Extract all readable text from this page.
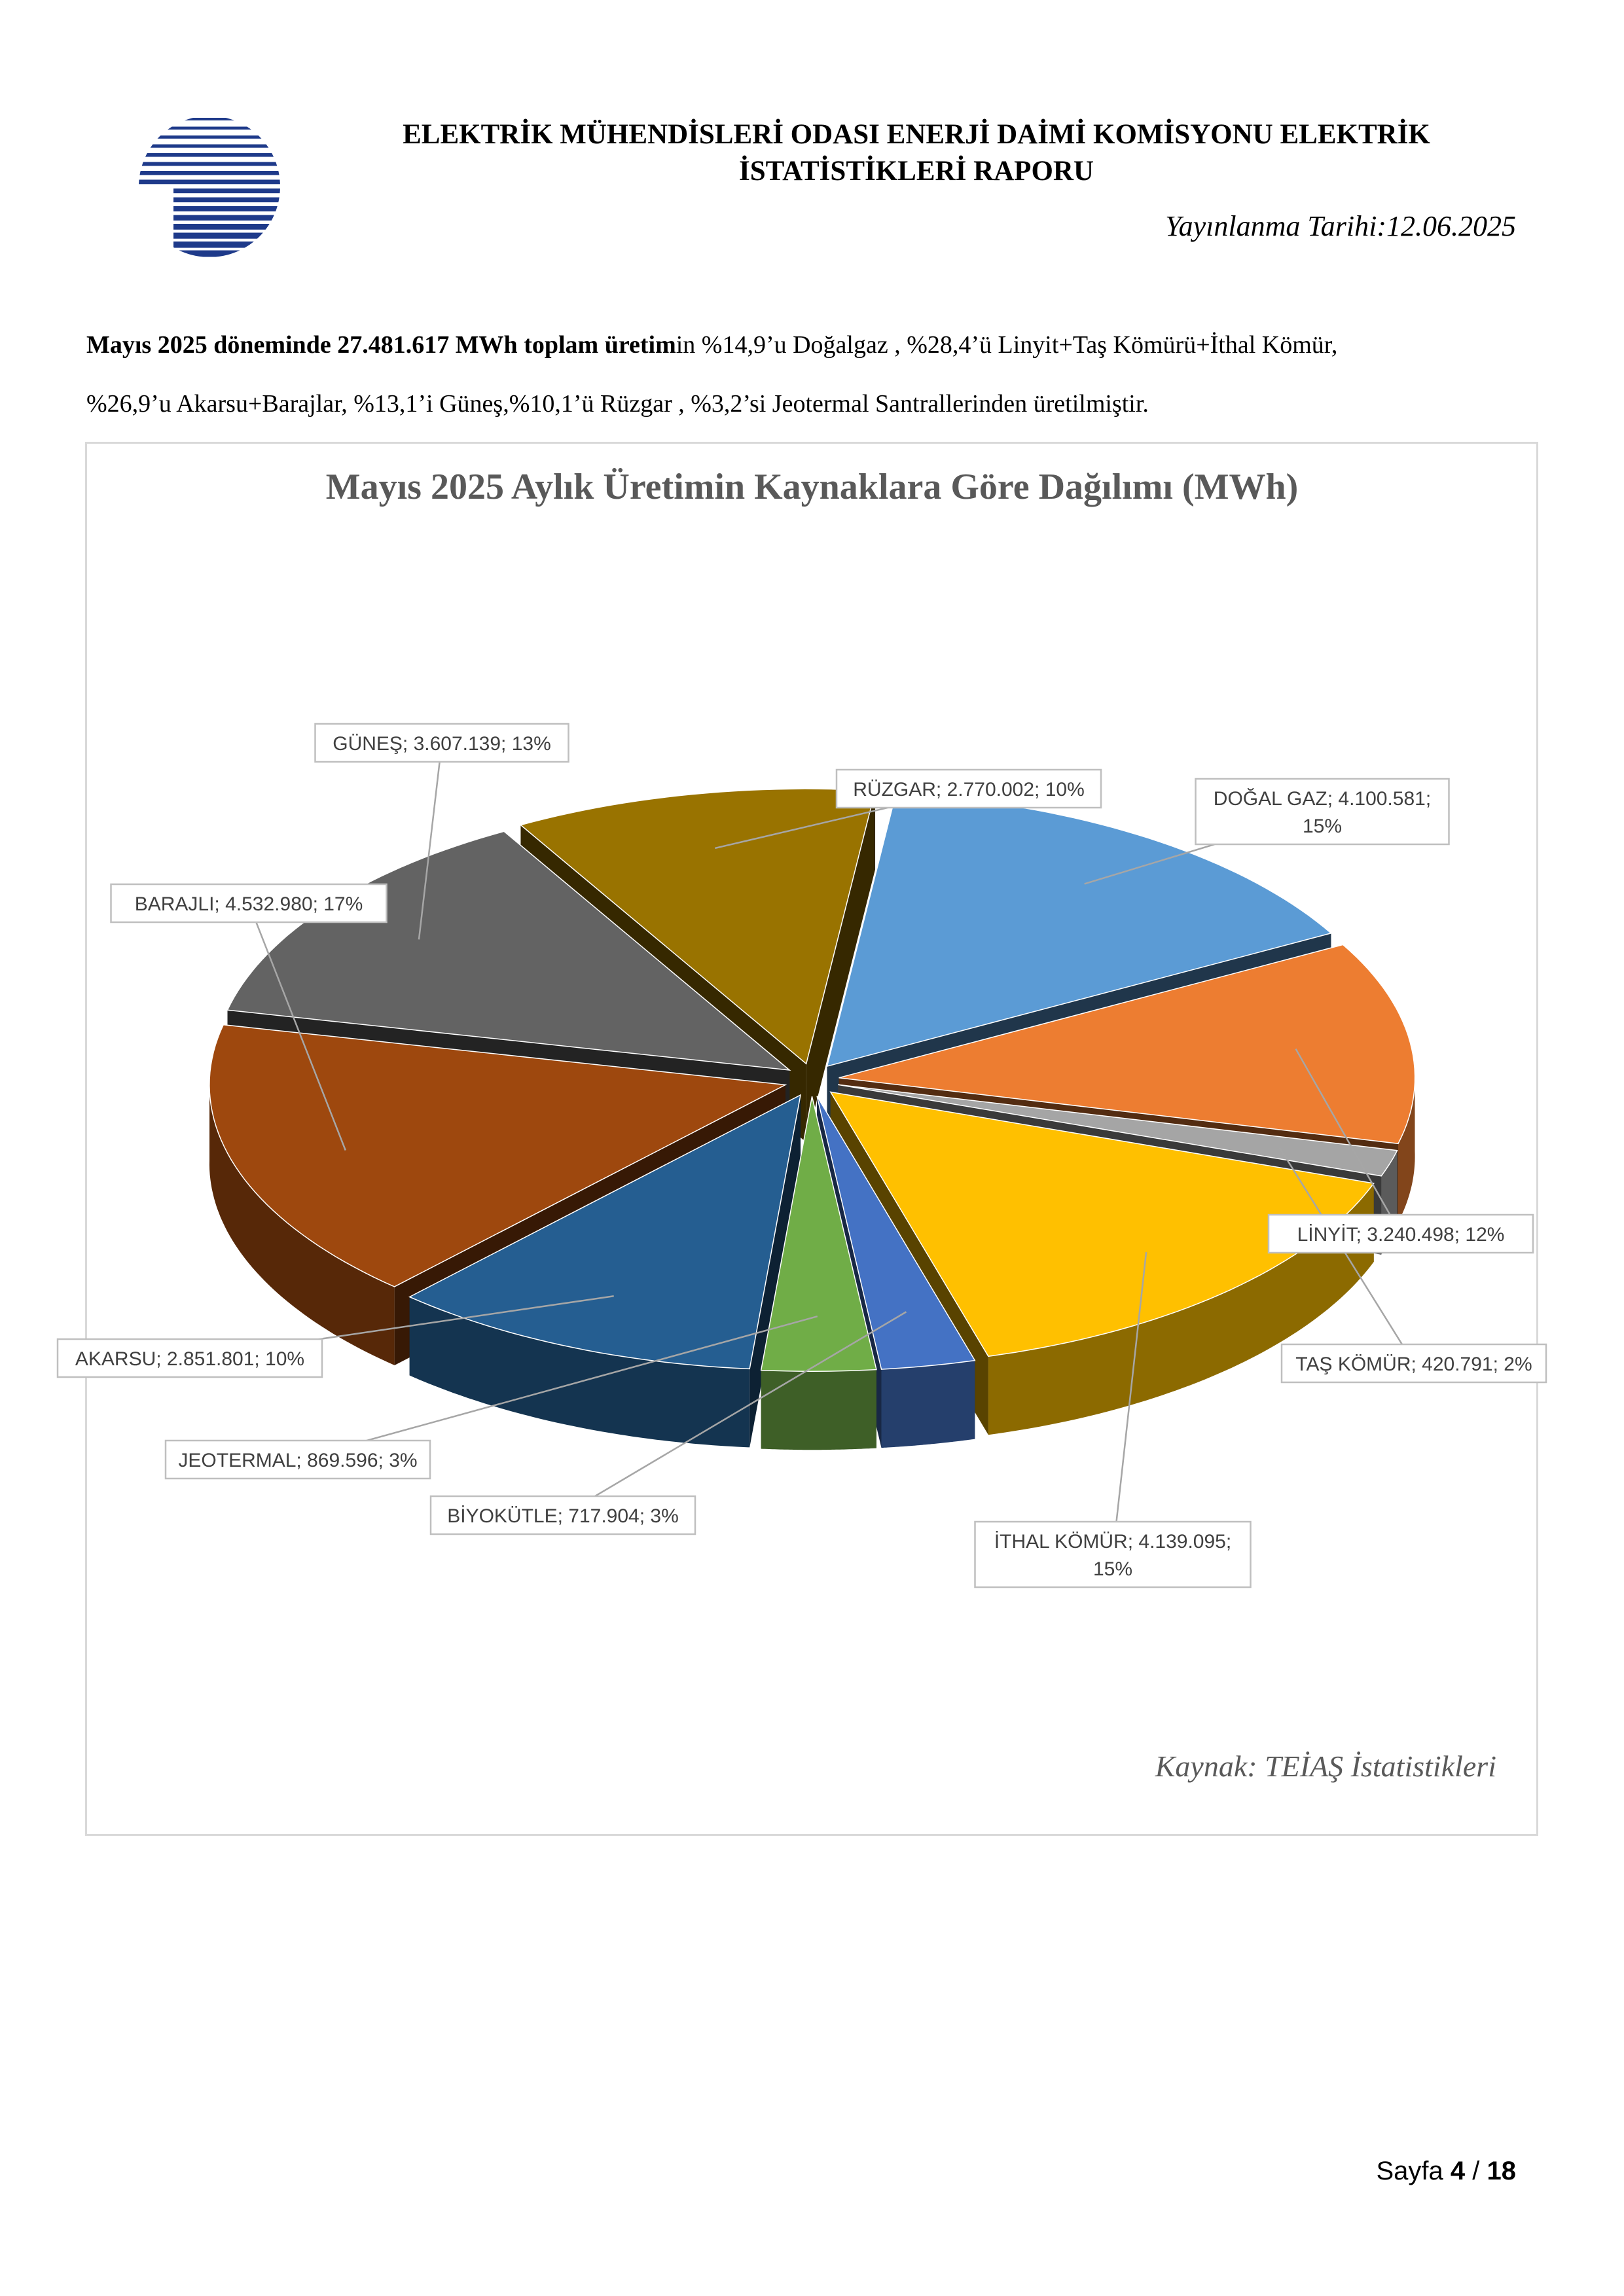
ELEKTRİK MÜHENDİSLERİ ODASI ENERJİ DAİMİ KOMİSYONU ELEKTRİK
İSTATİSTİKLERİ RAPORU
Yayınlanma Tarihi:12.06.2025
Mayıs 2025 döneminde 27.481.617 MWh toplam üretimin %14,9’u Doğalgaz , %28,4’ü Linyit+Taş Kömürü+İthal Kömür,
%26,9’u Akarsu+Barajlar, %13,1’i Güneş,%10,1’ü Rüzgar , %3,2’si Jeotermal Santrallerinden üretilmiştir.
Mayıs 2025 Aylık Üretimin Kaynaklara Göre Dağılımı (MWh)
DOĞAL GAZ; 4.100.581;
15%
LİNYİT; 3.240.498; 12%
TAŞ KÖMÜR; 420.791; 2%
İTHAL KÖMÜR; 4.139.095;
15%
BİYOKÜTLE; 717.904; 3%
JEOTERMAL; 869.596; 3%
AKARSU; 2.851.801; 10%
BARAJLI; 4.532.980; 17%
GÜNEŞ; 3.607.139; 13%
RÜZGAR; 2.770.002; 10%
Kaynak: TEİAŞ İstatistikleri
Sayfa 4 / 18
